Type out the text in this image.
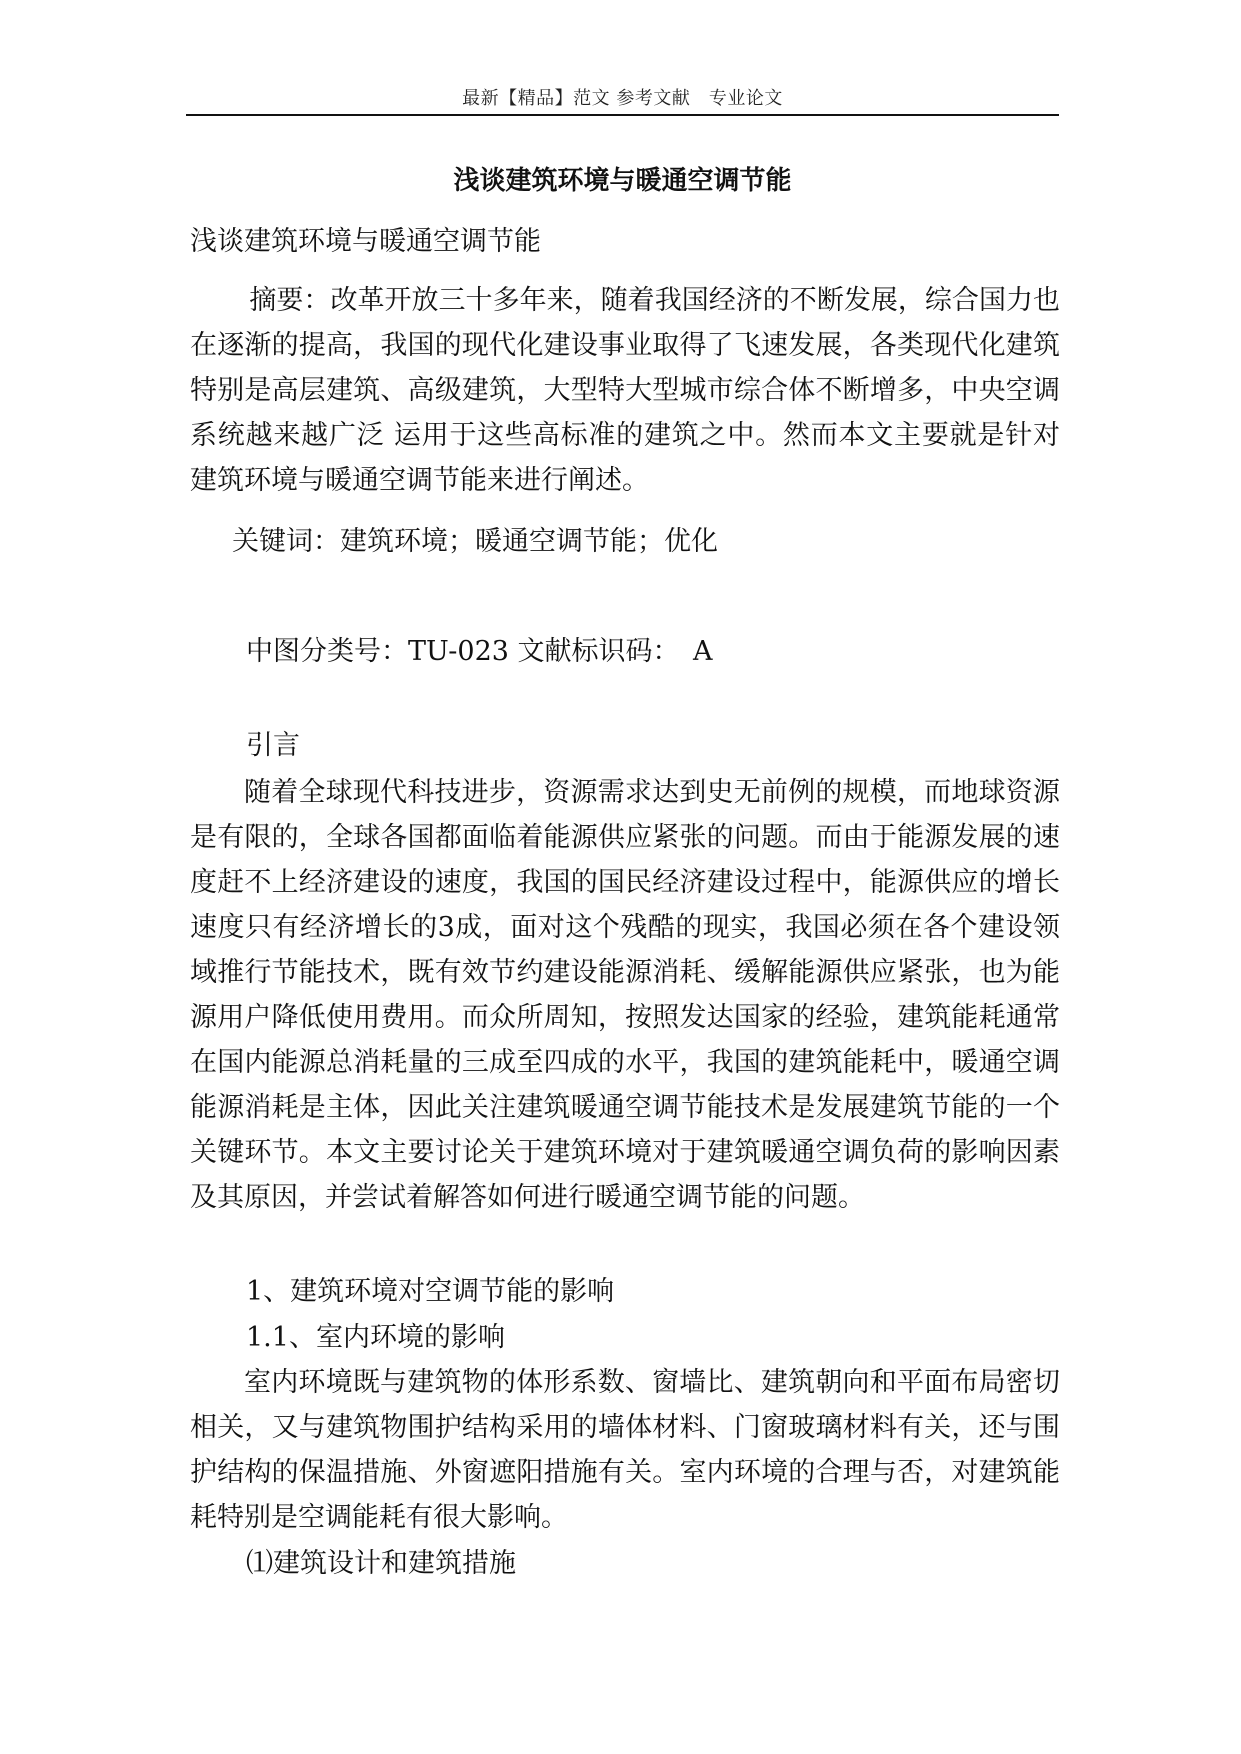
最新【精品】范文 参考文献　专业论文
浅谈建筑环境与暖通空调节能
浅谈建筑环境与暖通空调节能

摘要：改革开放三十多年来，随着我国经济的不断发展，综合国力也在逐渐的提高，我国的现代化建设事业取得了飞速发展，各类现代化建筑特别是高层建筑、高级建筑，大型特大型城市综合体不断增多，中央空调系统越来越广泛 运用于这些高标准的建筑之中。然而本文主要就是针对建筑环境与暖通空调节能来进行阐述。

关键词：建筑环境；暖通空调节能；优化

中图分类号：TU-023 文献标识码：　A

引言

随着全球现代科技进步，资源需求达到史无前例的规模，而地球资源是有限的，全球各国都面临着能源供应紧张的问题。而由于能源发展的速度赶不上经济建设的速度，我国的国民经济建设过程中，能源供应的增长速度只有经济增长的3成，面对这个残酷的现实，我国必须在各个建设领域推行节能技术，既有效节约建设能源消耗、缓解能源供应紧张，也为能源用户降低使用费用。而众所周知，按照发达国家的经验，建筑能耗通常在国内能源总消耗量的三成至四成的水平，我国的建筑能耗中，暖通空调能源消耗是主体，因此关注建筑暖通空调节能技术是发展建筑节能的一个关键环节。本文主要讨论关于建筑环境对于建筑暖通空调负荷的影响因素及其原因，并尝试着解答如何进行暖通空调节能的问题。

1、建筑环境对空调节能的影响

1.1、室内环境的影响

室内环境既与建筑物的体形系数、窗墙比、建筑朝向和平面布局密切相关，又与建筑物围护结构采用的墙体材料、门窗玻璃材料有关，还与围护结构的保温措施、外窗遮阳措施有关。室内环境的合理与否，对建筑能耗特别是空调能耗有很大影响。

⑴建筑设计和建筑措施
